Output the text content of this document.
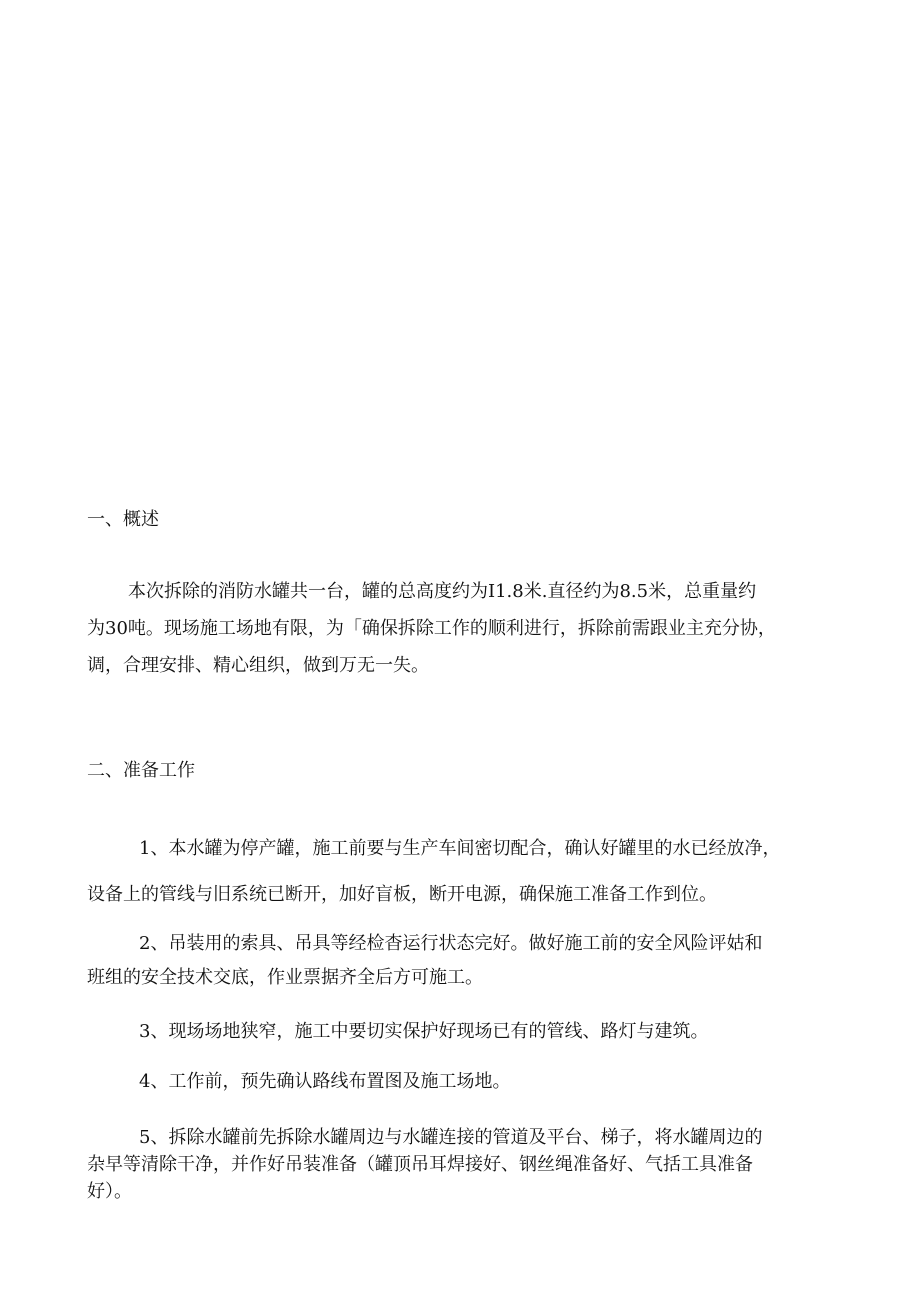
一、概述
本次拆除的消防水罐共一台，罐的总高度约为I1.8米.直径约为8.5米，总重量约
为30吨。现场施工场地有限，为「确保拆除工作的顺利进行，拆除前需跟业主充分协，
调，合理安排、精心组织，做到万无一失。
二、准备工作
1、本水罐为停产罐，施工前要与生产车间密切配合，确认好罐里的水已经放净，
设备上的管线与旧系统已断开，加好盲板，断开电源，确保施工准备工作到位。
2、吊装用的索具、吊具等经检杳运行状态完好。做好施工前的安全风险评姑和
班组的安全技术交底，作业票据齐全后方可施工。
3、现场场地狭窄，施工中要切实保护好现场已有的管线、路灯与建筑。
4、工作前，预先确认路线布置图及施工场地。
5、拆除水罐前先拆除水罐周边与水罐连接的管道及平台、梯子，将水罐周边的
杂早等清除干净，并作好吊装准备（罐顶吊耳焊接好、钢丝绳准备好、气括工具准备
好）。
